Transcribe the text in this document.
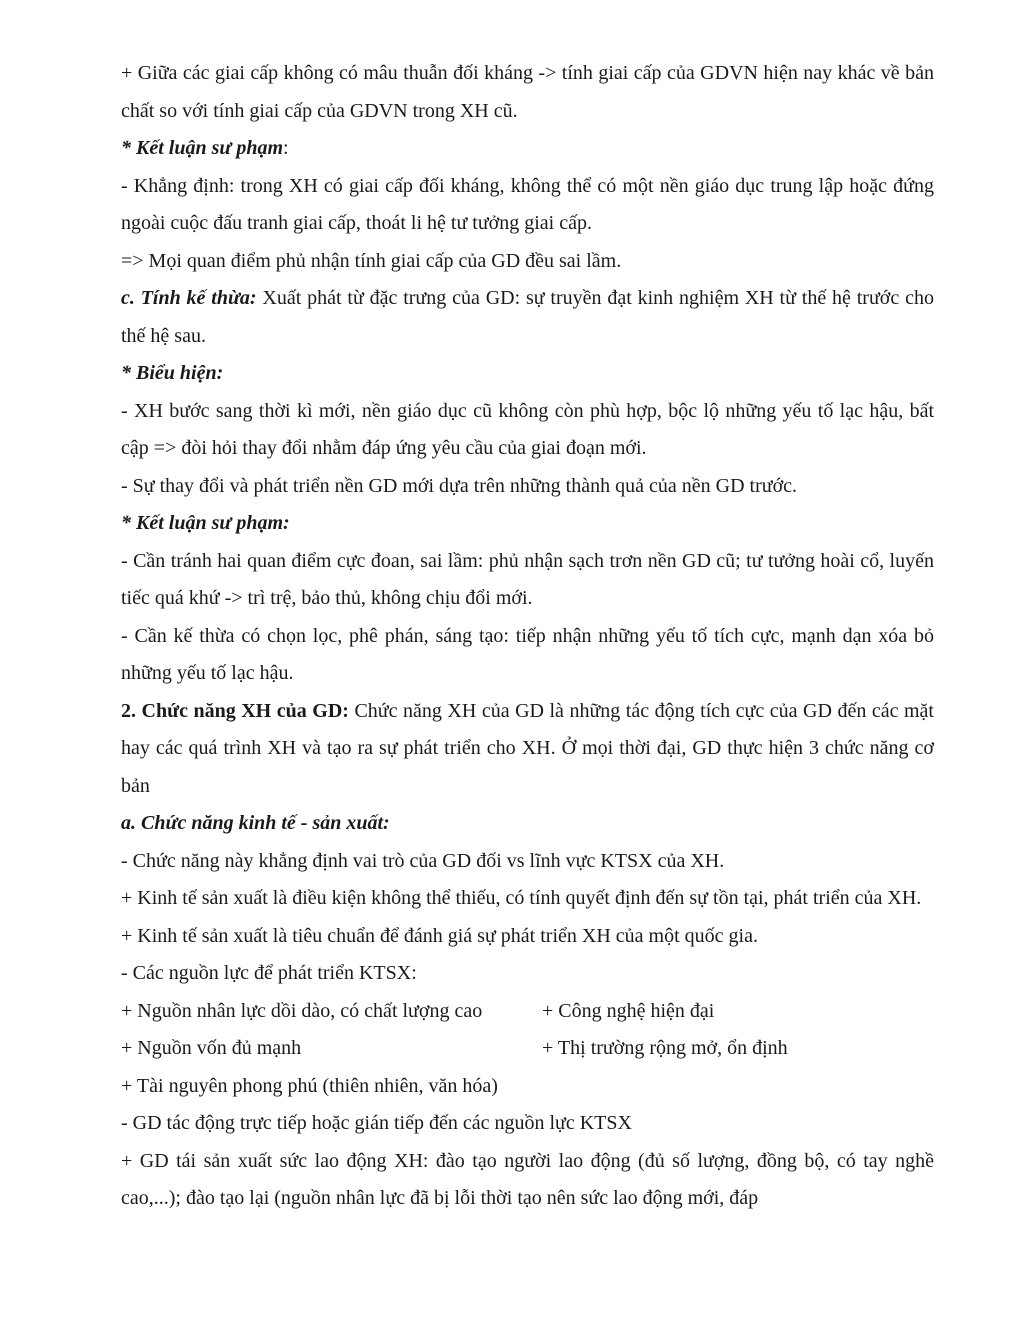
+ Giữa các giai cấp không có mâu thuẫn đối kháng -> tính giai cấp của GDVN hiện nay khác về bản chất so với tính giai cấp của GDVN trong XH cũ.

* Kết luận sư phạm:

- Khẳng định: trong XH có giai cấp đối kháng, không thể có một nền giáo dục trung lập hoặc đứng ngoài cuộc đấu tranh giai cấp, thoát li hệ tư tưởng giai cấp.

=> Mọi quan điểm phủ nhận tính giai cấp của GD đều sai lầm.

c. Tính kế thừa: Xuất phát từ đặc trưng của GD: sự truyền đạt kinh nghiệm XH từ thế hệ trước cho thế hệ sau.

* Biểu hiện:

- XH bước sang thời kì mới, nền giáo dục cũ không còn phù hợp, bộc lộ những yếu tố lạc hậu, bất cập => đòi hỏi thay đổi nhằm đáp ứng yêu cầu của giai đoạn mới.

- Sự thay đổi và phát triển nền GD mới dựa trên những thành quả của nền GD trước.

* Kết luận sư phạm:

- Cần tránh hai quan điểm cực đoan, sai lầm: phủ nhận sạch trơn nền GD cũ; tư tưởng hoài cổ, luyến tiếc quá khứ -> trì trệ, bảo thủ, không chịu đổi mới.

- Cần kế thừa có chọn lọc, phê phán, sáng tạo: tiếp nhận những yếu tố tích cực, mạnh dạn xóa bỏ những yếu tố lạc hậu.

2. Chức năng XH của GD: Chức năng XH của GD là những tác động tích cực của GD đến các mặt hay các quá trình XH và tạo ra sự phát triển cho XH. Ở mọi thời đại, GD thực hiện 3 chức năng cơ bản

a. Chức năng kinh tế - sản xuất:

- Chức năng này khẳng định vai trò của GD đối vs lĩnh vực KTSX của XH.

+ Kinh tế sản xuất là điều kiện không thể thiếu, có tính quyết định đến sự tồn tại, phát triển của XH.

+ Kinh tế sản xuất là tiêu chuẩn để đánh giá sự phát triển XH của một quốc gia.

- Các nguồn lực để phát triển KTSX:

+ Nguồn nhân lực dồi dào, có chất lượng cao	+ Công nghệ hiện đại
+ Nguồn vốn đủ mạnh	+ Thị trường rộng mở, ổn định

+ Tài nguyên phong phú (thiên nhiên, văn hóa)

- GD tác động trực tiếp hoặc gián tiếp đến các nguồn lực KTSX

+ GD tái sản xuất sức lao động XH: đào tạo người lao động (đủ số lượng, đồng bộ, có tay nghề cao,...); đào tạo lại (nguồn nhân lực đã bị lỗi thời tạo nên sức lao động mới, đáp
